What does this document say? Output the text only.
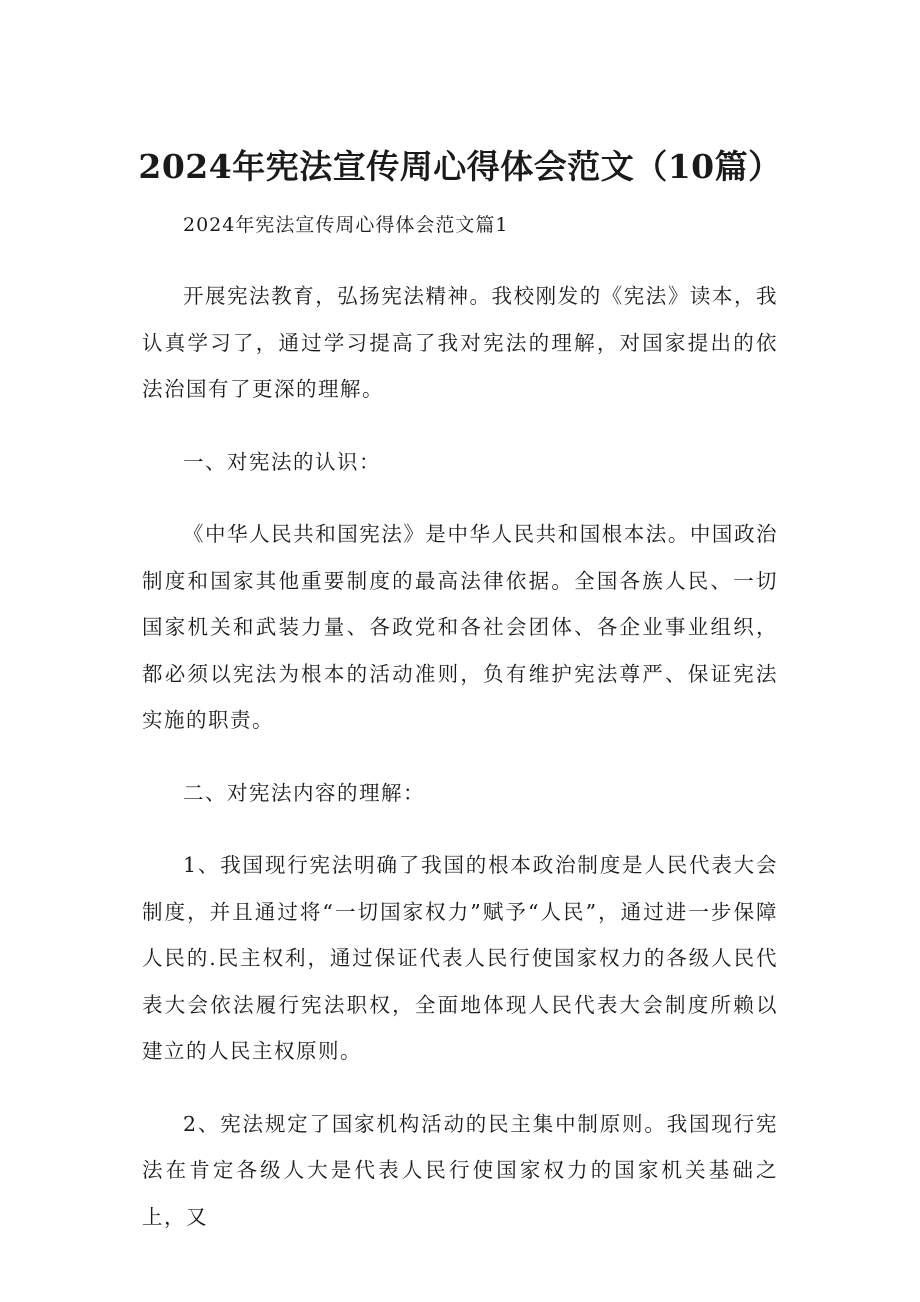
2024年宪法宣传周心得体会范文（10篇）

2024年宪法宣传周心得体会范文篇1

开展宪法教育，弘扬宪法精神。我校刚发的《宪法》读本，我认真学习了，通过学习提高了我对宪法的理解，对国家提出的依法治国有了更深的理解。

一、对宪法的认识：

《中华人民共和国宪法》是中华人民共和国根本法。中国政治制度和国家其他重要制度的最高法律依据。全国各族人民、一切国家机关和武装力量、各政党和各社会团体、各企业事业组织，都必须以宪法为根本的活动准则，负有维护宪法尊严、保证宪法实施的职责。

二、对宪法内容的理解：

1、我国现行宪法明确了我国的根本政治制度是人民代表大会制度，并且通过将“一切国家权力”赋予“人民”，通过进一步保障人民的.民主权利，通过保证代表人民行使国家权力的各级人民代表大会依法履行宪法职权，全面地体现人民代表大会制度所赖以建立的人民主权原则。

2、宪法规定了国家机构活动的民主集中制原则。我国现行宪法在肯定各级人大是代表人民行使国家权力的国家机关基础之上，又
